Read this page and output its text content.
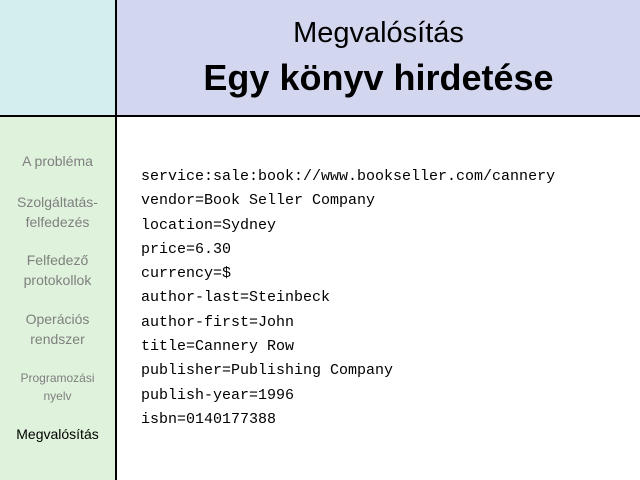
Megvalósítás
Egy könyv hirdetése
A probléma
Szolgáltatás-
felfedezés
Felfedező
protokollok
Operációs
rendszer
Programozási
nyelv
Megvalósítás
service:sale:book://www.bookseller.com/cannery
vendor=Book Seller Company
location=Sydney
price=6.30
currency=$
author-last=Steinbeck
author-first=John
title=Cannery Row
publisher=Publishing Company
publish-year=1996
isbn=0140177388
